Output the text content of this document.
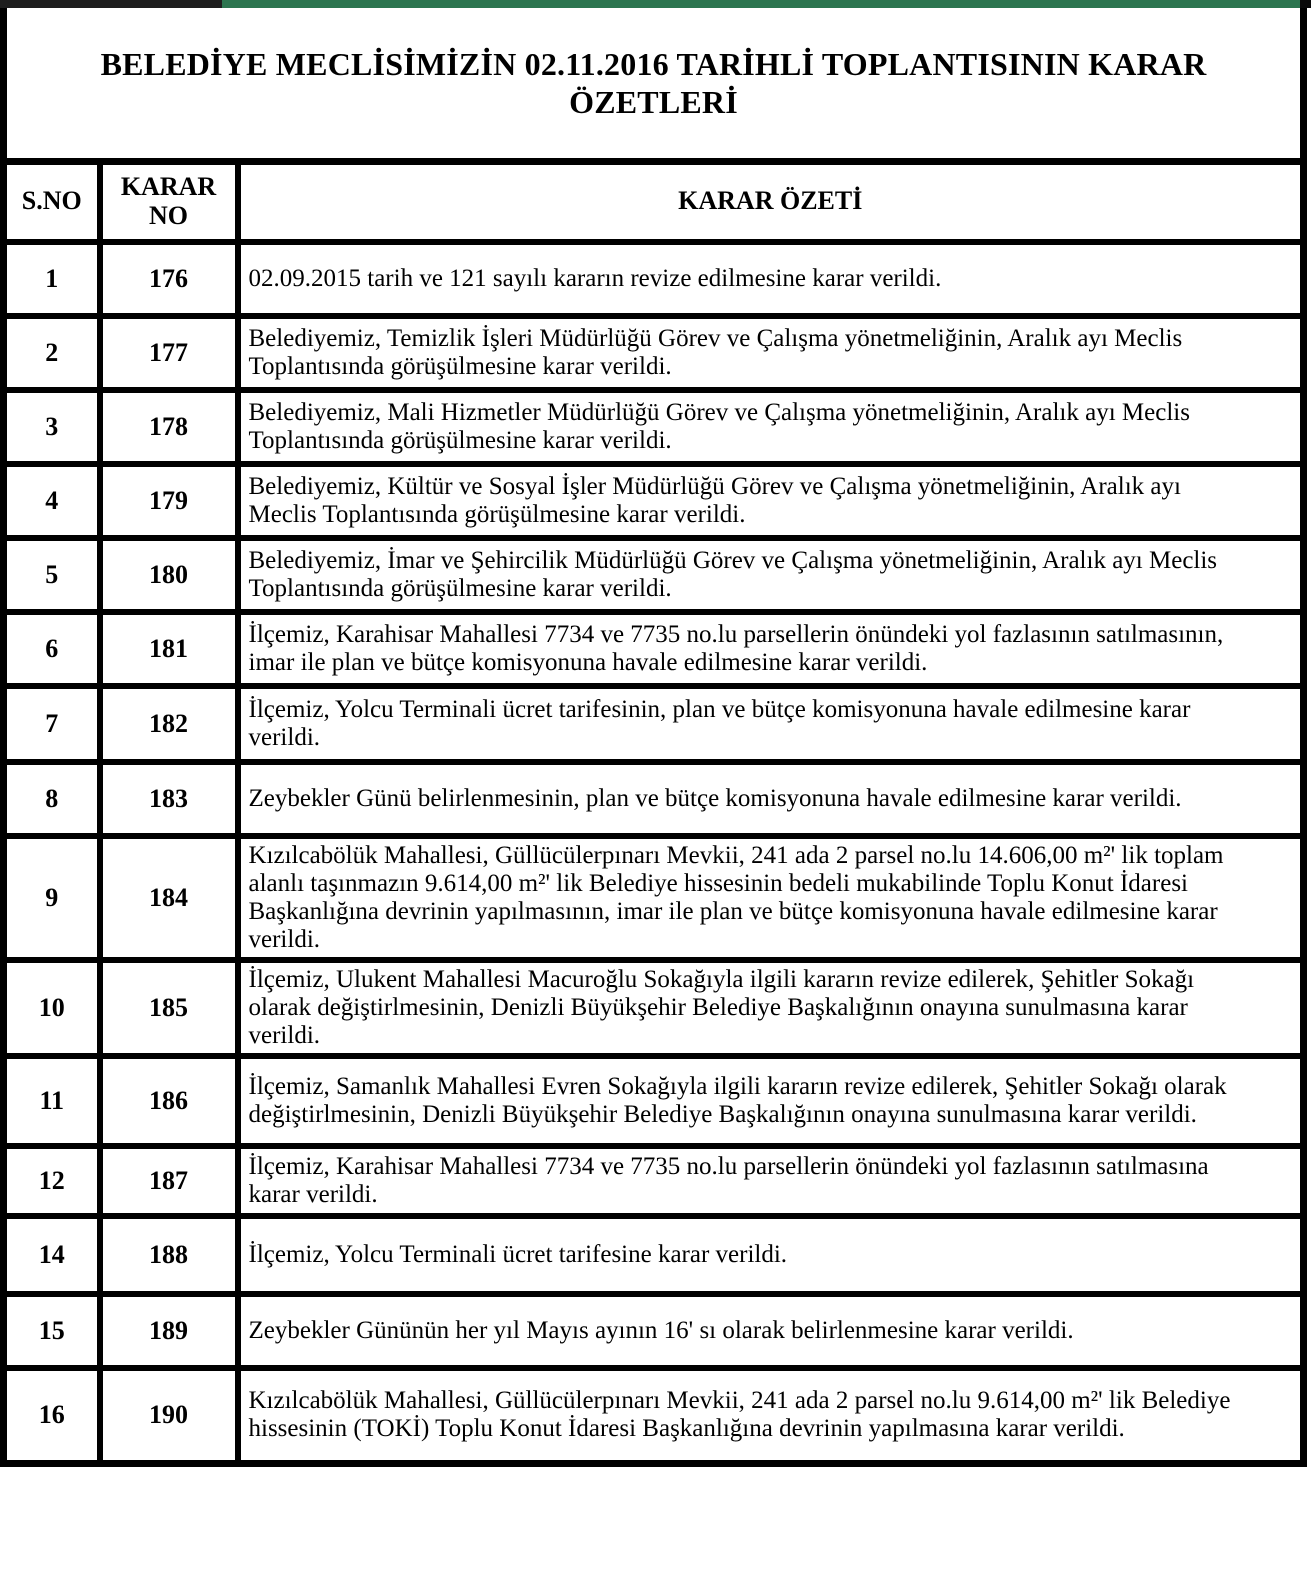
BELEDİYE MECLİSİMİZİN 02.11.2016 TARİHLİ TOPLANTISININ KARAR ÖZETLERİ
S.NO	KARAR NO	KARAR ÖZETİ
1	176	02.09.2015 tarih ve 121 sayılı kararın revize edilmesine karar verildi.
2	177	Belediyemiz, Temizlik İşleri Müdürlüğü Görev ve Çalışma yönetmeliğinin, Aralık ayı Meclis Toplantısında görüşülmesine karar verildi.
3	178	Belediyemiz, Mali Hizmetler Müdürlüğü Görev ve Çalışma yönetmeliğinin, Aralık ayı Meclis Toplantısında görüşülmesine karar verildi.
4	179	Belediyemiz, Kültür ve Sosyal İşler Müdürlüğü Görev ve Çalışma yönetmeliğinin, Aralık ayı Meclis Toplantısında görüşülmesine karar verildi.
5	180	Belediyemiz, İmar ve Şehircilik Müdürlüğü Görev ve Çalışma yönetmeliğinin, Aralık ayı Meclis Toplantısında görüşülmesine karar verildi.
6	181	İlçemiz, Karahisar Mahallesi 7734 ve 7735 no.lu parsellerin önündeki yol fazlasının satılmasının, imar ile plan ve bütçe komisyonuna havale edilmesine karar verildi.
7	182	İlçemiz, Yolcu Terminali ücret tarifesinin, plan ve bütçe komisyonuna havale edilmesine karar verildi.
8	183	Zeybekler Günü belirlenmesinin, plan ve bütçe komisyonuna havale edilmesine karar verildi.
9	184	Kızılcabölük Mahallesi, Güllücülerpınarı Mevkii, 241 ada 2 parsel no.lu 14.606,00 m²' lik toplam alanlı taşınmazın 9.614,00 m²' lik Belediye hissesinin bedeli mukabilinde Toplu Konut İdaresi Başkanlığına devrinin yapılmasının, imar ile plan ve bütçe komisyonuna havale edilmesine karar verildi.
10	185	İlçemiz, Ulukent Mahallesi Macuroğlu Sokağıyla ilgili kararın revize edilerek, Şehitler Sokağı olarak değiştirlmesinin, Denizli Büyükşehir Belediye Başkalığının onayına sunulmasına karar verildi.
11	186	İlçemiz, Samanlık Mahallesi Evren Sokağıyla ilgili kararın revize edilerek, Şehitler Sokağı olarak değiştirlmesinin, Denizli Büyükşehir Belediye Başkalığının onayına sunulmasına karar verildi.
12	187	İlçemiz, Karahisar Mahallesi 7734 ve 7735 no.lu parsellerin önündeki yol fazlasının satılmasına karar verildi.
14	188	İlçemiz, Yolcu Terminali ücret tarifesine karar verildi.
15	189	Zeybekler Gününün her yıl Mayıs ayının 16' sı olarak belirlenmesine karar verildi.
16	190	Kızılcabölük Mahallesi, Güllücülerpınarı Mevkii, 241 ada 2 parsel no.lu 9.614,00 m²' lik Belediye hissesinin (TOKİ) Toplu Konut İdaresi Başkanlığına devrinin yapılmasına karar verildi.
